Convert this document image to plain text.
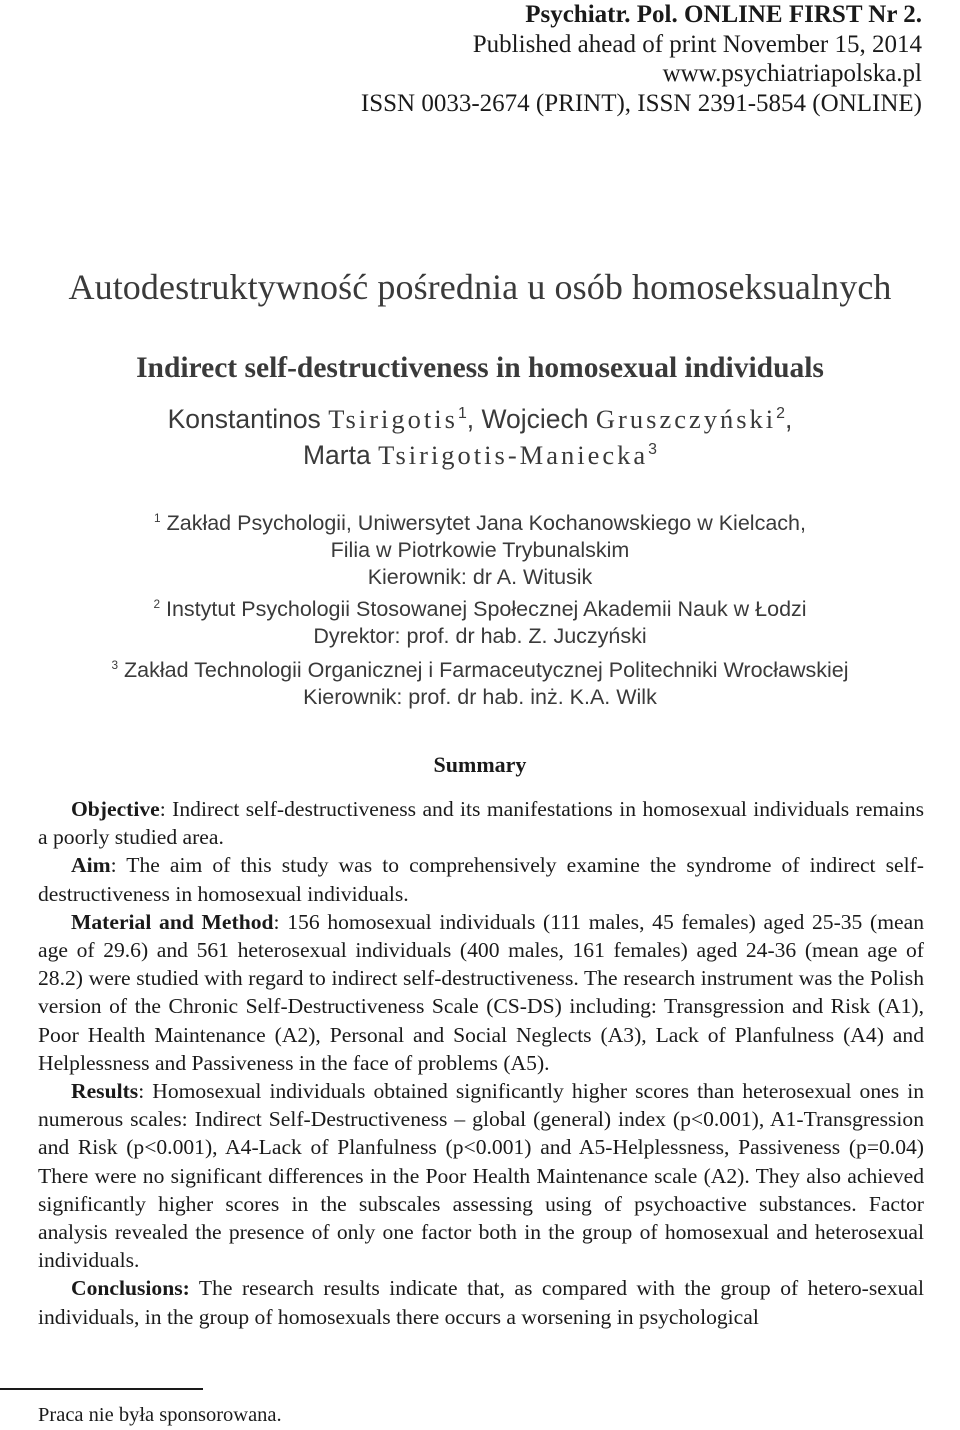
Psychiatr. Pol. ONLINE FIRST Nr 2.
Published ahead of print November 15, 2014
www.psychiatriapolska.pl
ISSN 0033-2674 (PRINT), ISSN 2391-5854 (ONLINE)
Autodestruktywność pośrednia u osób homoseksualnych
Indirect self-destructiveness in homosexual individuals
Konstantinos Tsirigotis$^1$, Wojciech Gruszczyński$^2$,
Marta Tsirigotis-Maniecka$^3$
$^1$ Zakład Psychologii, Uniwersytet Jana Kochanowskiego w Kielcach,
Filia w Piotrkowie Trybunalskim
Kierownik: dr A. Witusik
$^2$ Instytut Psychologii Stosowanej Społecznej Akademii Nauk w Łodzi
Dyrektor: prof. dr hab. Z. Juczyński
$^3$ Zakład Technologii Organicznej i Farmaceutycznej Politechniki Wrocławskiej
Kierownik: prof. dr hab. inż. K.A. Wilk
Summary

Objective: Indirect self-destructiveness and its manifestations in homosexual individuals remains a poorly studied area.

Aim: The aim of this study was to comprehensively examine the syndrome of indirect self-destructiveness in homosexual individuals.

Material and Method: 156 homosexual individuals (111 males, 45 females) aged 25-35 (mean age of 29.6) and 561 heterosexual individuals (400 males, 161 females) aged 24-36 (mean age of 28.2) were studied with regard to indirect self-destructiveness. The research instrument was the Polish version of the Chronic Self-Destructiveness Scale (CS-DS) including: Transgression and Risk (A1), Poor Health Maintenance (A2), Personal and Social Neglects (A3), Lack of Planfulness (A4) and Helplessness and Passiveness in the face of problems (A5).

Results: Homosexual individuals obtained significantly higher scores than heterosexual ones in numerous scales: Indirect Self-Destructiveness – global (general) index (p<0.001), A1-Transgression and Risk (p<0.001), A4-Lack of Planfulness (p<0.001) and A5-Helplessness, Passiveness (p=0.04) There were no significant differences in the Poor Health Maintenance scale (A2). They also achieved significantly higher scores in the subscales assessing using of psychoactive substances. Factor analysis revealed the presence of only one factor both in the group of homosexual and heterosexual individuals.

Conclusions: The research results indicate that, as compared with the group of hetero-sexual individuals, in the group of homosexuals there occurs a worsening in psychological

Praca nie była sponsorowana.
